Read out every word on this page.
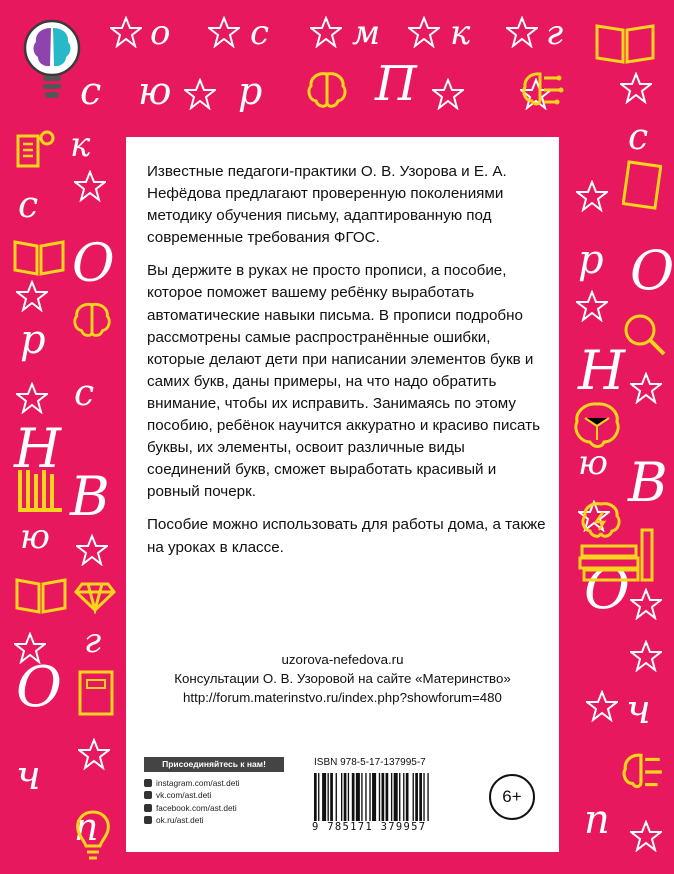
о с м к г
с ю р П
к
с
О
р
с
Н
В
ю
г
О
ч
п
с
р О
Н
ю В
О
ч
п

Известные педагоги-практики О. В. Узорова и Е. А. Нефёдова предлагают проверенную поколениями методику обучения письму, адаптированную под современные требования ФГОС.

Вы держите в руках не просто прописи, а пособие, которое поможет вашему ребёнку выработать автоматические навыки письма. В прописи подробно рассмотрены самые распространённые ошибки, которые делают дети при написании элементов букв и самих букв, даны примеры, на что надо обратить внимание, чтобы их исправить. Занимаясь по этому пособию, ребёнок научится аккуратно и красиво писать буквы, их элементы, освоит различные виды соединений букв, сможет выработать красивый и ровный почерк.

Пособие можно использовать для работы дома, а также на уроках в классе.

uzorova-nefedova.ru
Консультации О. В. Узоровой на сайте «Материнство»
http://forum.materinstvo.ru/index.php?showforum=480
Присоединяйтесь к нам!
instagram.com/ast.deti
vk.com/ast.deti
facebook.com/ast.deti
ok.ru/ast.deti
ISBN 978-5-17-137995-7
9 785171 379957
6+
